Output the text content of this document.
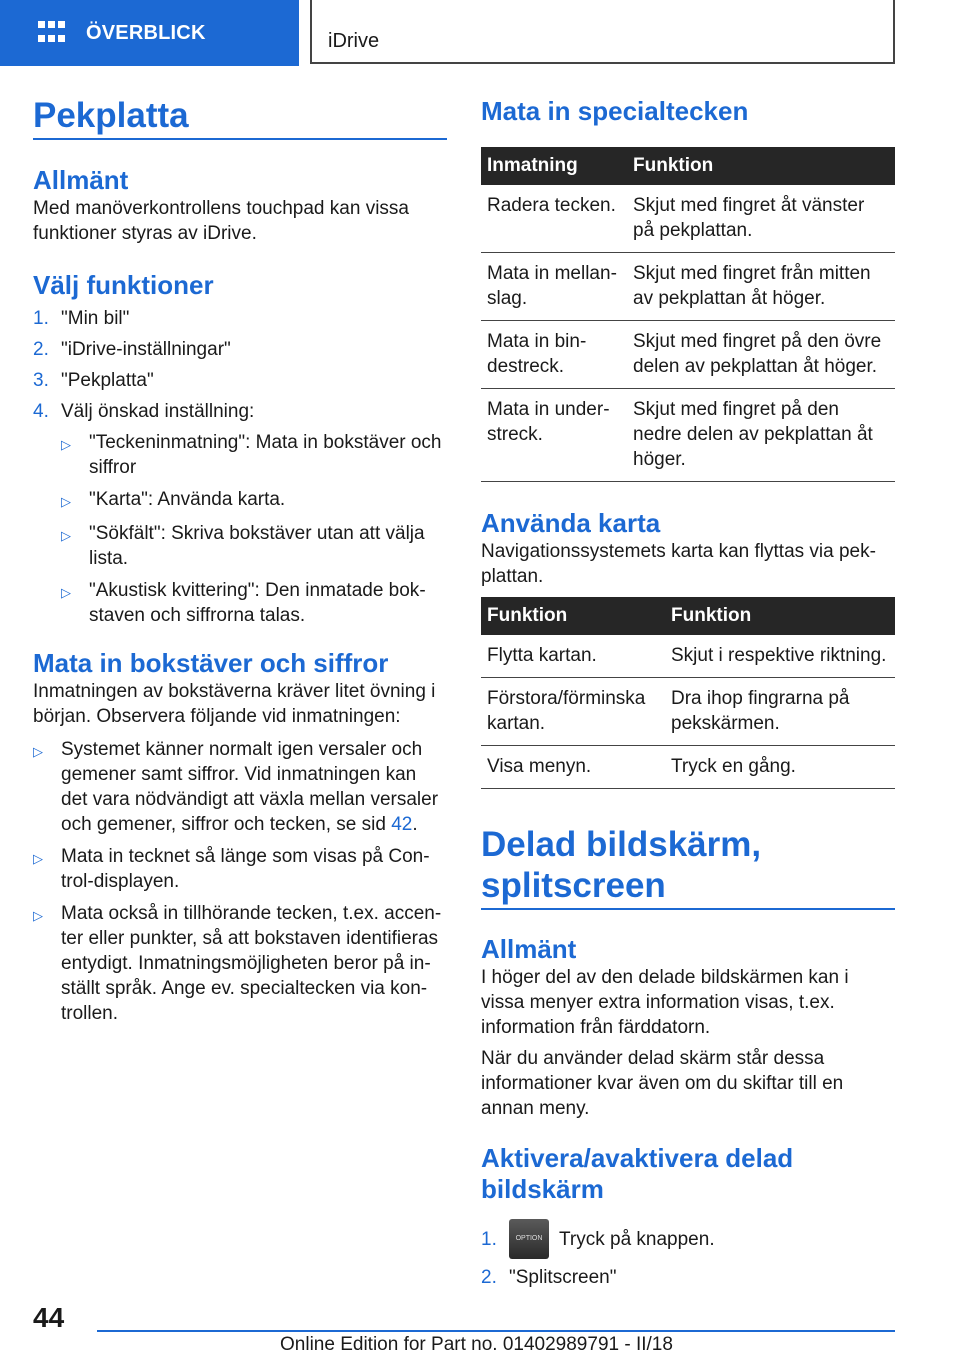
ÖVERBLICK	iDrive
Pekplatta
Allmänt

Med manöverkontrollens touchpad kan vissa funktioner styras av iDrive.

Välj funktioner
1. "Min bil"
2. "iDrive-inställningar"
3. "Pekplatta"
4. Välj önskad inställning:
▷ "Teckeninmatning": Mata in bokstäver och siffror
▷ "Karta": Använda karta.
▷ "Sökfält": Skriva bokstäver utan att välja lista.
▷ "Akustisk kvittering": Den inmatade bokstaven och siffrorna talas.
Mata in bokstäver och siffror

Inmatningen av bokstäverna kräver litet övning i början. Observera följande vid inmatningen:

▷ Systemet känner normalt igen versaler och gemener samt siffror. Vid inmatningen kan det vara nödvändigt att växla mellan versaler och gemener, siffror och tecken, se sid 42.
▷ Mata in tecknet så länge som visas på Control-displayen.
▷ Mata också in tillhörande tecken, t.ex. accenter eller punkter, så att bokstaven identifieras entydigt. Inmatningsmöjligheten beror på inställt språk. Ange ev. specialtecken via kontrollen.
Mata in specialtecken
Inmatning	Funktion
Radera tecken.	Skjut med fingret åt vänster på pekplattan.
Mata in mellanslag.	Skjut med fingret från mitten av pekplattan åt höger.
Mata in bindestreck.	Skjut med fingret på den övre delen av pekplattan åt höger.
Mata in understreck.	Skjut med fingret på den nedre delen av pekplattan åt höger.
Använda karta

Navigationssystemets karta kan flyttas via pekplattan.

Funktion	Funktion
Flytta kartan.	Skjut i respektive riktning.
Förstora/förminska kartan.	Dra ihop fingrarna på pekskärmen.
Visa menyn.	Tryck en gång.
Delad bildskärm, splitscreen
Allmänt

I höger del av den delade bildskärmen kan i vissa menyer extra information visas, t.ex. information från färddatorn.

När du använder delad skärm står dessa informationer kvar även om du skiftar till en annan meny.

Aktivera/avaktivera delad bildskärm
1.	OPTION Tryck på knappen.
2. "Splitscreen"
44
Online Edition for Part no. 01402989791 - II/18
